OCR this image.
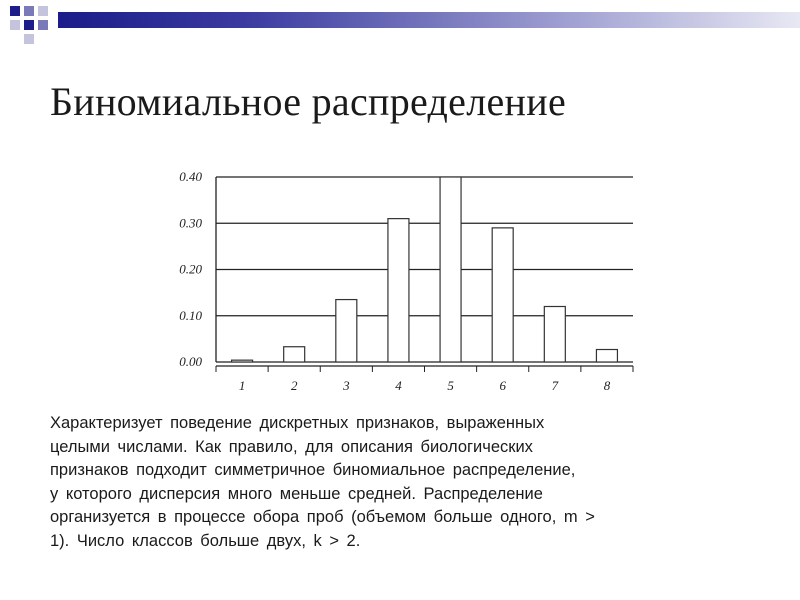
Биномиальное распределение
0.00
0.10
0.20
0.30
0.40
1	2	3	4	5	6	7	8
Характеризует поведение дискретных признаков, выраженных
целыми числами. Как правило, для описания биологических
признаков подходит симметричное биномиальное распределение,
у которого дисперсия много меньше средней. Распределение
организуется в процессе обора проб (объемом больше одного, m >
1). Число классов больше двух, k > 2.
